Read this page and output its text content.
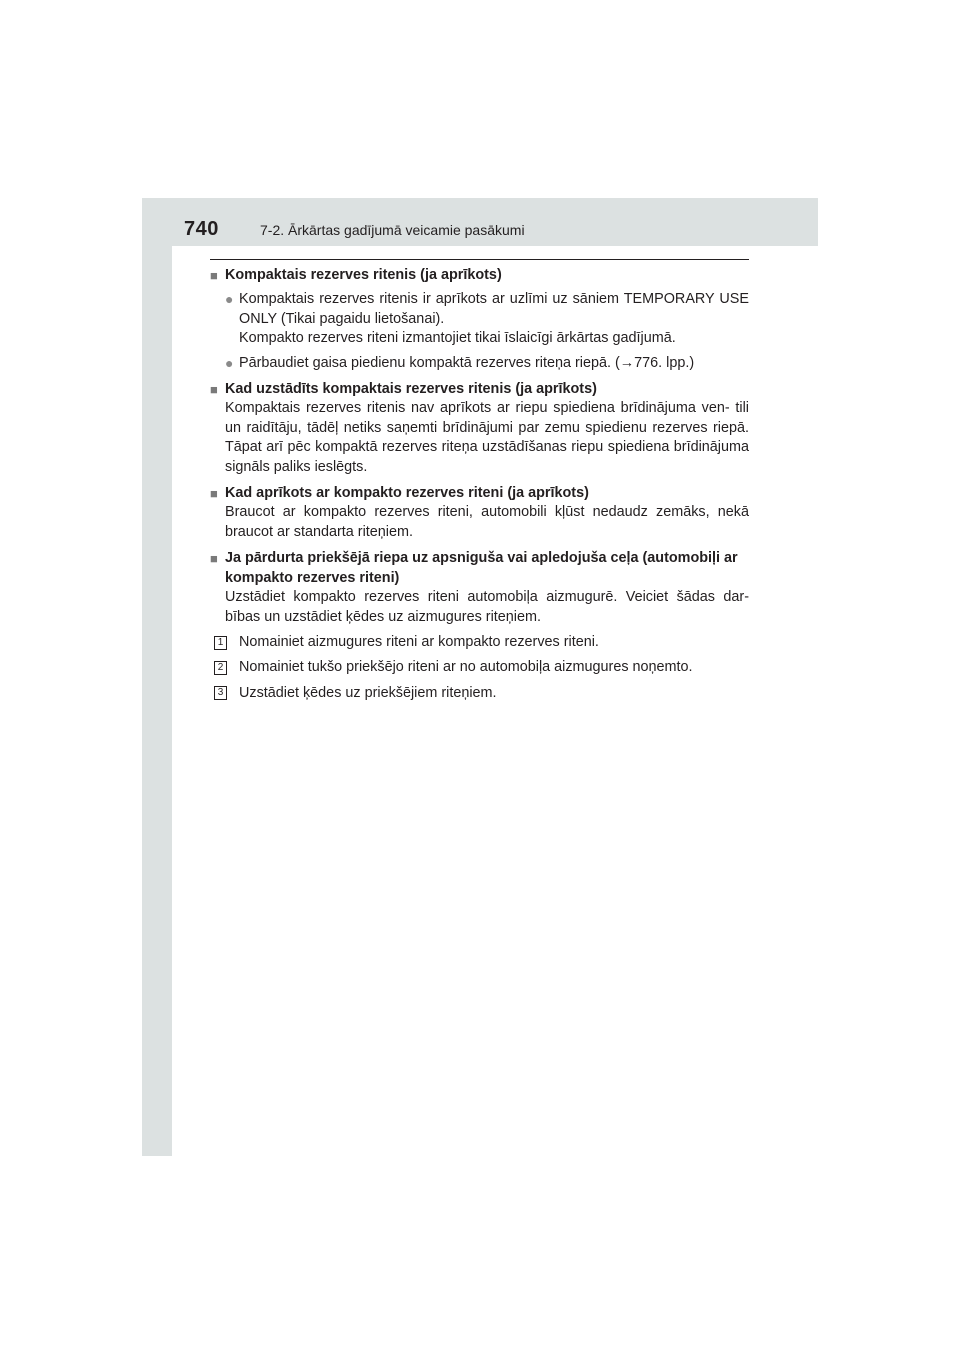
740	7-2. Ārkārtas gadījumā veicamie pasākumi
■ Kompaktais rezerves ritenis (ja aprīkots)
● Kompaktais rezerves ritenis ir aprīkots ar uzlīmi uz sāniem TEMPORARY USE ONLY (Tikai pagaidu lietošanai).
Kompakto rezerves riteni izmantojiet tikai īslaicīgi ārkārtas gadījumā.
● Pārbaudiet gaisa piedienu kompaktā rezerves riteņa riepā. (→776. lpp.)
■ Kad uzstādīts kompaktais rezerves ritenis (ja aprīkots)
Kompaktais rezerves ritenis nav aprīkots ar riepu spiediena brīdinājuma ven- tili un raidītāju, tādēļ netiks saņemti brīdinājumi par zemu spiedienu rezerves riepā. Tāpat arī pēc kompaktā rezerves riteņa uzstādīšanas riepu spiediena brīdinājuma signāls paliks ieslēgts.
■ Kad aprīkots ar kompakto rezerves riteni (ja aprīkots)
Braucot ar kompakto rezerves riteni, automobili kļūst nedaudz zemāks, nekā braucot ar standarta riteņiem.
■ Ja pārdurta priekšējā riepa uz apsniguša vai apledojuša ceļa (automobiļi ar kompakto rezerves riteni)
Uzstādiet kompakto rezerves riteni automobiļa aizmugurē. Veiciet šādas dar- bības un uzstādiet ķēdes uz aizmugures riteņiem.
1 Nomainiet aizmugures riteni ar kompakto rezerves riteni.
2 Nomainiet tukšo priekšējo riteni ar no automobiļa aizmugures noņemto.
3 Uzstādiet ķēdes uz priekšējiem riteņiem.
